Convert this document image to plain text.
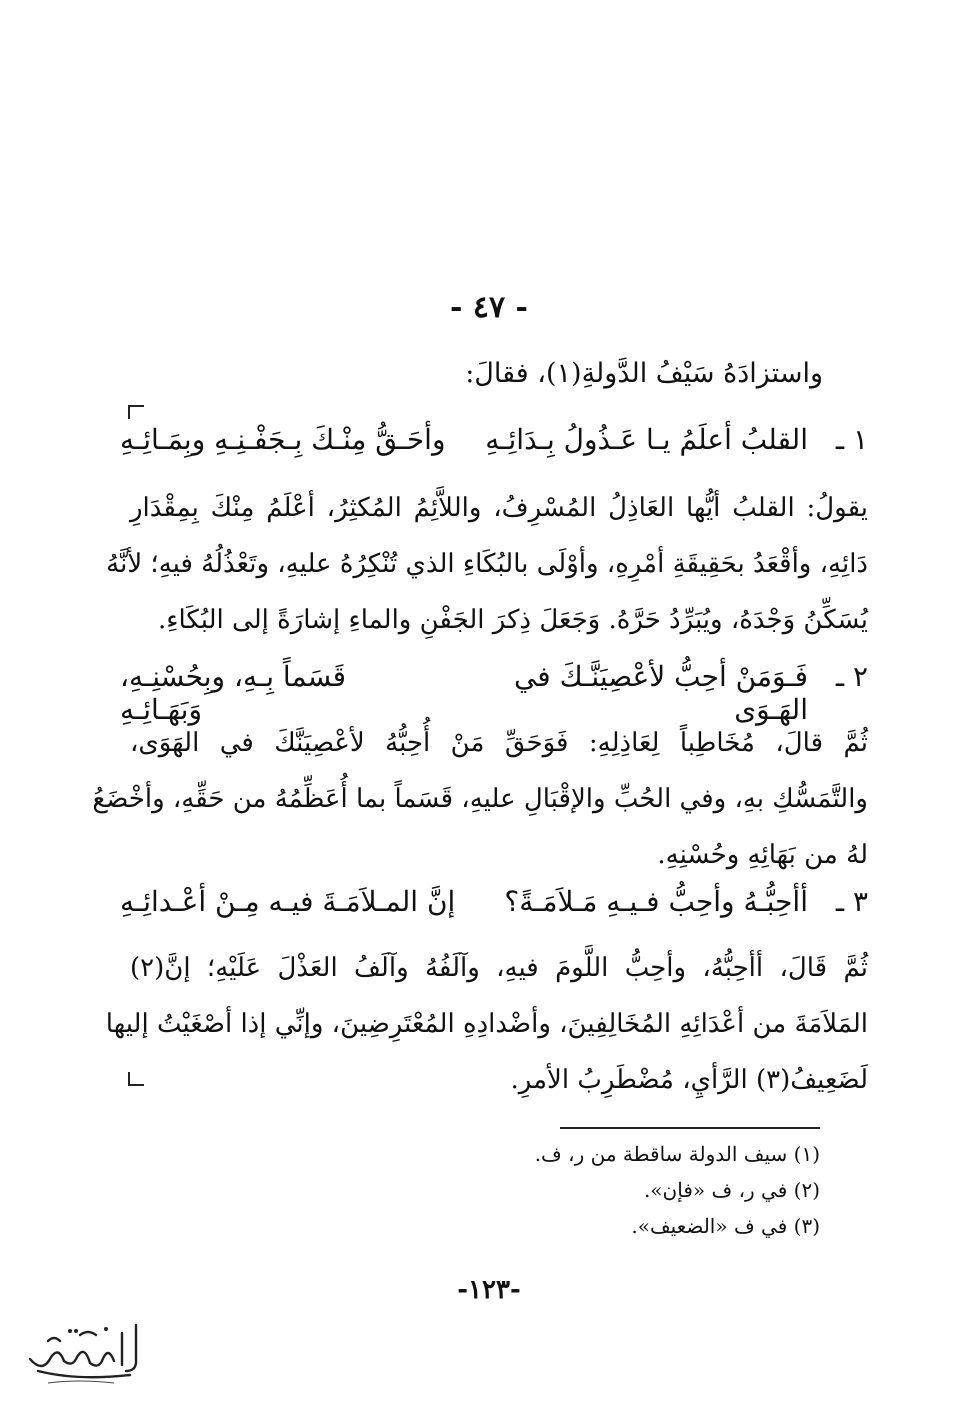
- ٤٧ -
واستزادَهُ سَيْفُ الدَّولةِ(١)، فقالَ:
١ ـ
القلبُ أعلَمُ يـا عَـذُولُ بِـدَائِـهِ
وأحَـقُّ مِنْـكَ بِـجَفْـنِـهِ وبِمَـائِـهِ
يقولُ: القلبُ أيُّها العَاذِلُ المُسْرِفُ، واللاَّئِمُ المُكثِرُ، أعْلَمُ مِنْكَ بِمِقْدَارِ
دَائِهِ، وأقْعَدُ بحَقِيقَةِ أمْرِهِ، وأوْلَى بالبُكَاءِ الذي تُنْكِرُهُ عليهِ، وتَعْذُلُهُ فيهِ؛ لأنَّهُ
يُسَكِّنُ وَجْدَهُ، ويُبَرِّدُ حَرَّهُ. وَجَعَلَ ذِكرَ الجَفْنِ والماءِ إشارَةً إلى البُكَاءِ.
٢ ـ
فَـوَمَنْ أحِبُّ لأعْصِيَنَّـكَ في الهَـوَى
قَسَماً بِـهِ، وبِحُسْنِـهِ، وَبَهَـائِـهِ
ثُمَّ قالَ، مُخَاطِباً لِعَاذِلِهِ: فَوَحَقِّ مَنْ أُحِبُّهُ لأعْصِيَنَّكَ في الهَوَى،
والتَّمَسُّكِ بهِ، وفي الحُبِّ والإقْبَالِ عليهِ، قَسَماً بما أُعَظِّمُهُ من حَقِّهِ، وأخْضَعُ
لهُ من بَهَائِهِ وحُسْنِهِ.
٣ ـ
أأحِبُّـهُ وأحِبُّ فـيـهِ مَـلاَمَـةً؟
إنَّ المـلاَمَـةَ فيـه مِـنْ أعْـدائِـهِ
ثُمَّ قَالَ، أأحِبُّهُ، وأحِبُّ اللَّومَ فيهِ، وآلَفُهُ وآلَفُ العَذْلَ عَلَيْهِ؛ إنَّ(٢)
المَلاَمَةَ من أعْدَائِهِ المُخَالِفِينَ، وأضْدادِهِ المُعْتَرِضِينَ، وإنِّي إذا أصْغَيْتُ إليها
لَضَعِيفُ(٣) الرَّأيِ، مُضْطَرِبُ الأمرِ.
(١) سيف الدولة ساقطة من ر، ف.
(٢) في ر، ف «فإن».
(٣) في ف «الضعيف».
-١٢٣-
